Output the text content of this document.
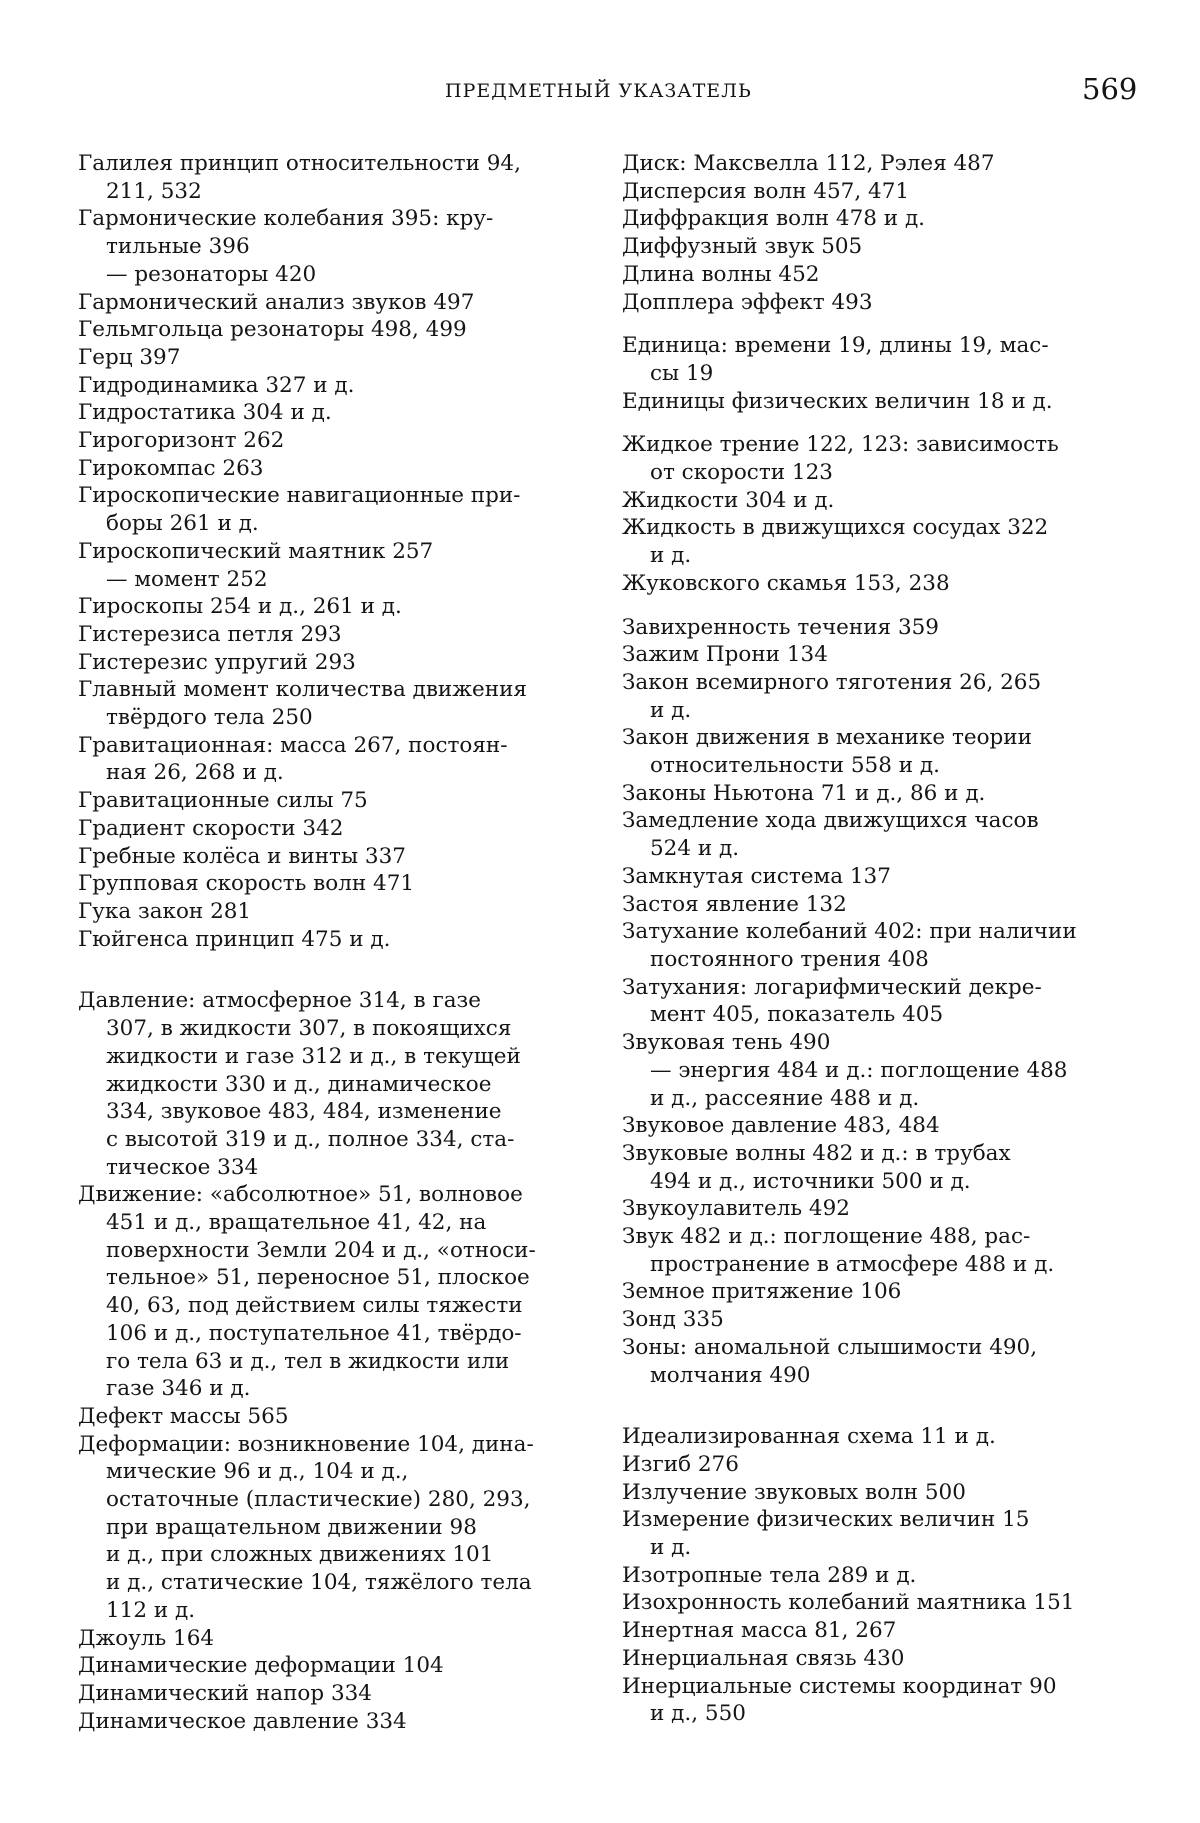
ПРЕДМЕТНЫЙ УКАЗАТЕЛЬ	569
Галилея принцип относительности 94,
211, 532
Гармонические колебания 395: кру-
тильные 396
— резонаторы 420
Гармонический анализ звуков 497
Гельмгольца резонаторы 498, 499
Герц 397
Гидродинамика 327 и д.
Гидростатика 304 и д.
Гирогоризонт 262
Гирокомпас 263
Гироскопические навигационные при-
боры 261 и д.
Гироскопический маятник 257
— момент 252
Гироскопы 254 и д., 261 и д.
Гистерезиса петля 293
Гистерезис упругий 293
Главный момент количества движения
твёрдого тела 250
Гравитационная: масса 267, постоян-
ная 26, 268 и д.
Гравитационные силы 75
Градиент скорости 342
Гребные колёса и винты 337
Групповая скорость волн 471
Гука закон 281
Гюйгенса принцип 475 и д.
Давление: атмосферное 314, в газе
307, в жидкости 307, в покоящихся
жидкости и газе 312 и д., в текущей
жидкости 330 и д., динамическое
334, звуковое 483, 484, изменение
с высотой 319 и д., полное 334, ста-
тическое 334
Движение: «абсолютное» 51, волновое
451 и д., вращательное 41, 42, на
поверхности Земли 204 и д., «относи-
тельное» 51, переносное 51, плоское
40, 63, под действием силы тяжести
106 и д., поступательное 41, твёрдо-
го тела 63 и д., тел в жидкости или
газе 346 и д.
Дефект массы 565
Деформации: возникновение 104, дина-
мические 96 и д., 104 и д.,
остаточные (пластические) 280, 293,
при вращательном движении 98
и д., при сложных движениях 101
и д., статические 104, тяжёлого тела
112 и д.
Джоуль 164
Динамические деформации 104
Динамический напор 334
Динамическое давление 334
Диск: Максвелла 112, Рэлея 487
Дисперсия волн 457, 471
Диффракция волн 478 и д.
Диффузный звук 505
Длина волны 452
Допплера эффект 493
Единица: времени 19, длины 19, мас-
сы 19
Единицы физических величин 18 и д.
Жидкое трение 122, 123: зависимость
от скорости 123
Жидкости 304 и д.
Жидкость в движущихся сосудах 322
и д.
Жуковского скамья 153, 238
Завихренность течения 359
Зажим Прони 134
Закон всемирного тяготения 26, 265
и д.
Закон движения в механике теории
относительности 558 и д.
Законы Ньютона 71 и д., 86 и д.
Замедление хода движущихся часов
524 и д.
Замкнутая система 137
Застоя явление 132
Затухание колебаний 402: при наличии
постоянного трения 408
Затухания: логарифмический декре-
мент 405, показатель 405
Звуковая тень 490
— энергия 484 и д.: поглощение 488
и д., рассеяние 488 и д.
Звуковое давление 483, 484
Звуковые волны 482 и д.: в трубах
494 и д., источники 500 и д.
Звукоулавитель 492
Звук 482 и д.: поглощение 488, рас-
пространение в атмосфере 488 и д.
Земное притяжение 106
Зонд 335
Зоны: аномальной слышимости 490,
молчания 490
Идеализированная схема 11 и д.
Изгиб 276
Излучение звуковых волн 500
Измерение физических величин 15
и д.
Изотропные тела 289 и д.
Изохронность колебаний маятника 151
Инертная масса 81, 267
Инерциальная связь 430
Инерциальные системы координат 90
и д., 550
